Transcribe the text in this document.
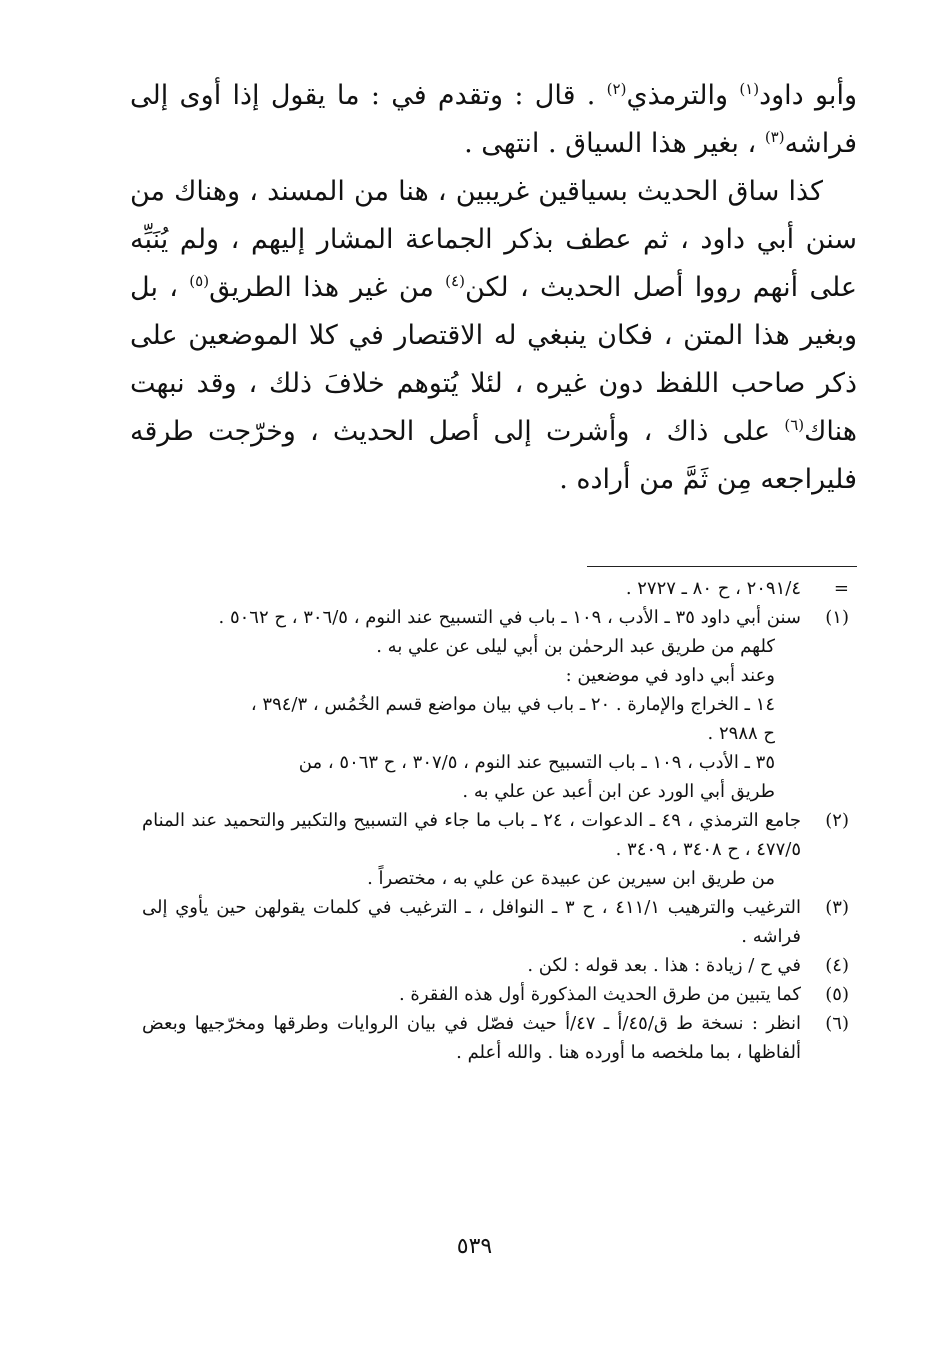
وأبو داود$^{(١)}$ والترمذي$^{(٢)}$ . قال : وتقدم في : ما يقول إذا أوى إلى فراشه$^{(٣)}$ ، بغير هذا السياق . انتهى .

كذا ساق الحديث بسياقين غريبين ، هنا من المسند ، وهناك من سنن أبي داود ، ثم عطف بذكر الجماعة المشار إليهم ، ولم يُنَبِّه على أنهم رووا أصل الحديث ، لكن$^{(٤)}$ من غير هذا الطريق$^{(٥)}$ ، بل وبغير هذا المتن ، فكان ينبغي له الاقتصار في كلا الموضعين على ذكر صاحب اللفظ دون غيره ، لئلا يُتوهم خلافَ ذلك ، وقد نبهت هناك$^{(٦)}$ على ذاك ، وأشرت إلى أصل الحديث ، وخرّجت طرقه فليراجعه مِن ثَمَّ من أراده .

=
٢٠٩١/٤ ، ح ٨٠ ـ ٢٧٢٧ .
(١)
سنن أبي داود ٣٥ ـ الأدب ، ١٠٩ ـ باب في التسبيح عند النوم ، ٣٠٦/٥ ، ح ٥٠٦٢ .
كلهم من طريق عبد الرحمٰن بن أبي ليلى عن علي به .
وعند أبي داود في موضعين :
١٤ ـ الخراج والإمارة . ٢٠ ـ باب في بيان مواضع قسم الخُمُس ، ٣٩٤/٣ ،
ح ٢٩٨٨ .
٣٥ ـ الأدب ، ١٠٩ ـ باب التسبيح عند النوم ، ٣٠٧/٥ ، ح ٥٠٦٣ ، من
طريق أبي الورد عن ابن أعبد عن علي به .
(٢)
جامع الترمذي ، ٤٩ ـ الدعوات ، ٢٤ ـ باب ما جاء في التسبيح والتكبير والتحميد عند المنام ٤٧٧/٥ ، ح ٣٤٠٨ ، ٣٤٠٩ .
من طريق ابن سيرين عن عبيدة عن علي به ، مختصراً .
(٣)
الترغيب والترهيب ٤١١/١ ، ح ٣ ـ النوافل ، ـ الترغيب في كلمات يقولهن حين يأوي إلى فراشه .
(٤)
في ح / زيادة : هذا . بعد قوله : لكن .
(٥)
كما يتبين من طرق الحديث المذكورة أول هذه الفقرة .
(٦)
انظر : نسخة ط ق/٤٥/أ ـ ٤٧/أ حيث فصّل في بيان الروايات وطرقها ومخرّجيها وبعض ألفاظها ، بما ملخصه ما أورده هنا . والله أعلم .
٥٣٩
